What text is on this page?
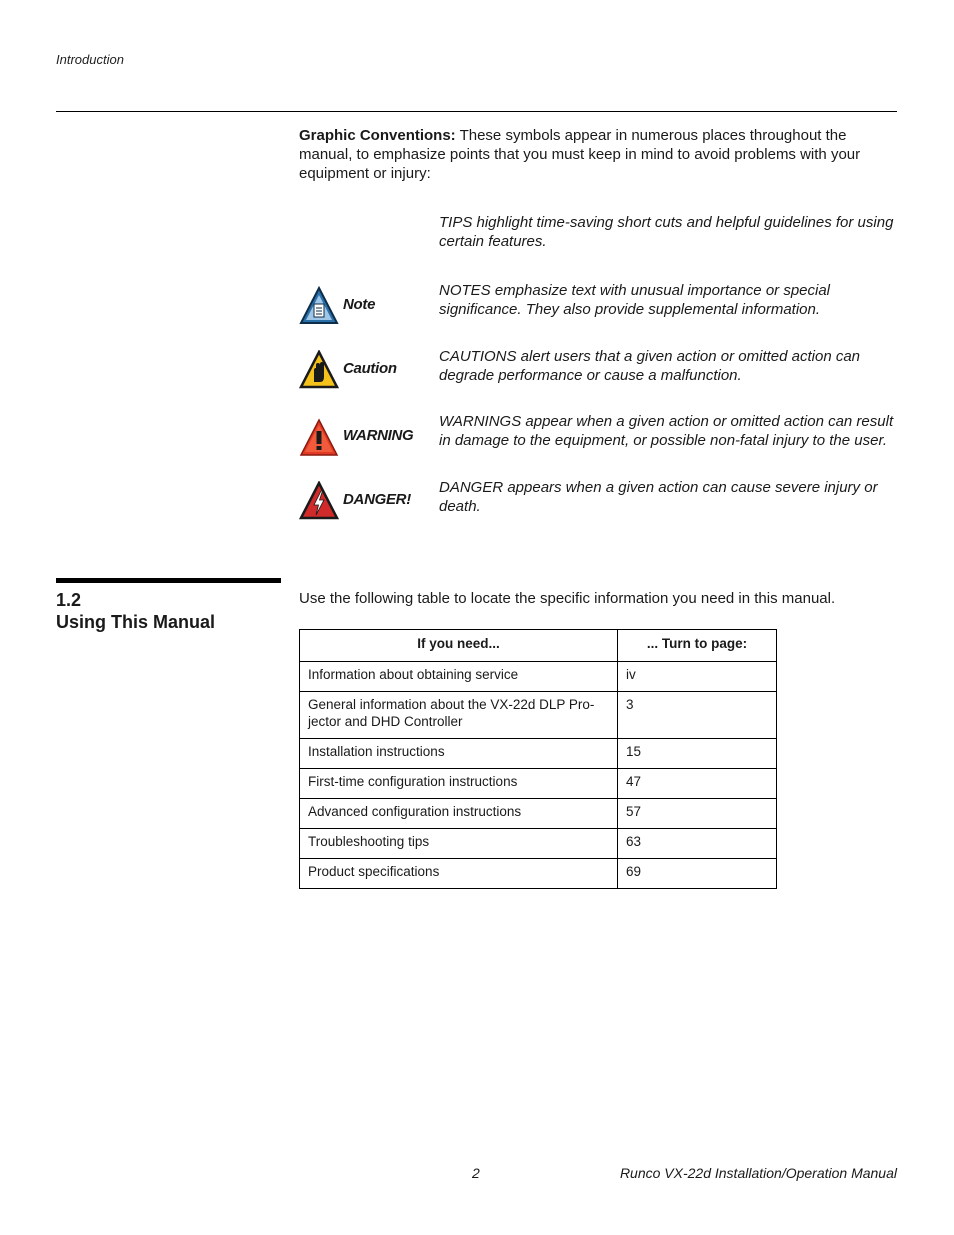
Introduction
Graphic Conventions: These symbols appear in numerous places throughout the manual, to emphasize points that you must keep in mind to avoid problems with your equipment or injury:
TIPS highlight time-saving short cuts and helpful guidelines for using certain features.
Note
NOTES emphasize text with unusual importance or special significance. They also provide supplemental information.
Caution
CAUTIONS alert users that a given action or omitted action can degrade performance or cause a malfunction.
WARNING
WARNINGS appear when a given action or omitted action can result in damage to the equipment, or possible non-fatal injury to the user.
DANGER!
DANGER appears when a given action can cause severe injury or death.
1.2
Using This Manual
Use the following table to locate the specific information you need in this manual.
If you need...	... Turn to page:
Information about obtaining service	iv
General information about the VX-22d DLP Pro-jector and DHD Controller	3
Installation instructions	15
First-time configuration instructions	47
Advanced configuration instructions	57
Troubleshooting tips	63
Product specifications	69
2	Runco VX-22d Installation/Operation Manual
